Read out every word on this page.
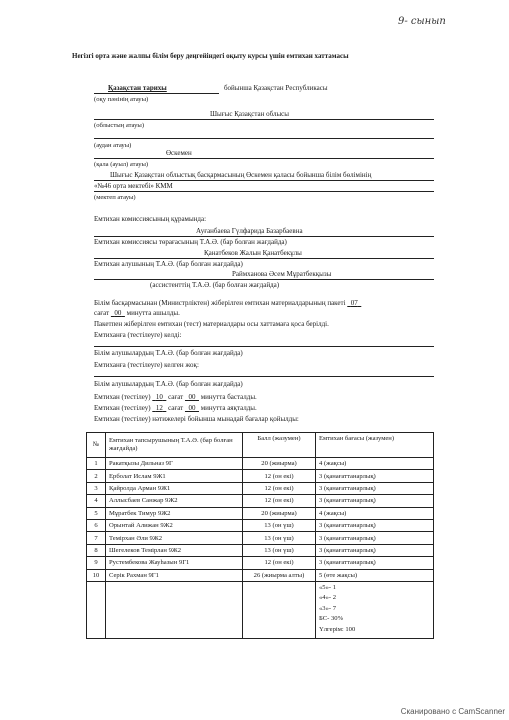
9- сынып
Негізгі орта және жалпы білім беру деңгейіндегі оқыту курсы үшін емтихан хаттамасы
Қазақстан тарихы	бойынша Қазақстан Республикасы
(оқу пәнінің атауы)
Шығыс Қазақстан облысы
(облыстың атауы)
(аудан атауы)
Өскемен
(қала (ауыл) атауы)
Шығыс Қазақстан облыстық басқармасының Өскемен қаласы бойынша білім бөлімінің
«№46 орта мектебі» КММ
(мектеп атауы)
Емтихан комиссиясының құрамында:
Ауғанбаева Гүлфарида Базарбаевна
Емтихан комиссиясы төрағасының Т.А.Ә. (бар болған жағдайда)
Қанатбеков Жалын Қанатбекұлы
Емтихан алушының Т.А.Ә. (бар болған жағдайда)
Раймханова Әсем Мұратбекқызы
(ассистенттің Т.А.Ә. (бар болған жағдайда)
Білім басқармасынан (Министрліктен) жіберілген емтихан материалдарының пакеті 07
сағат 00 минутта ашылды.
Пакетпен жіберілген емтихан (тест) материалдары осы хаттамаға қоса берілді.
Емтиханға (тестілеуге) келді:
Білім алушылардың Т.А.Ә. (бар болған жағдайда)
Емтиханға (тестілеуге) келген жоқ:
Білім алушылардың Т.А.Ә. (бар болған жағдайда)
Емтихан (тестілеу) 10 сағат 00 минутта басталды.
Емтихан (тестілеу) 12 сағат 00 минутта аяқталды.
Емтихан (тестілеу) нәтижелері бойынша мынадай бағалар қойылды:
№	Емтихан тапсырушының Т.А.Ә. (бар болған жағдайда)	Балл (жазумен)	Емтихан бағасы (жазумен)
1	Ракатқызы Дильназ 9Г	20 (жиырма)	4 (жақсы)
2	Ерболат Ислам 9Ж1	12 (он екі)	3 (қанағаттанарлық)
3	Қайролда Арман 9Ж1	12 (он екі)	3 (қанағаттанарлық)
4	Аллысбаев Санжар 9Ж2	12 (он екі)	3 (қанағаттанарлық)
5	Мұратбек Тимур 9Ж2	20 (жиырма)	4 (жақсы)
6	Орынтай Алижан 9Ж2	13 (он үш)	3 (қанағаттанарлық)
7	Темірхан Әли 9Ж2	13 (он үш)	3 (қанағаттанарлық)
8	Шегелеков Темірлан 9Ж2	13 (он үш)	3 (қанағаттанарлық)
9	Рустембекова Жауһазын 9Г1	12 (он екі)	3 (қанағаттанарлық)
10	Серік Рахман 9Г1	26 (жиырма алты)	5 (өте жақсы)

			«5»- 1
«4»- 2
«3»- 7
БС- 30%
Үлгерім: 100
Сканировано с CamScanner
